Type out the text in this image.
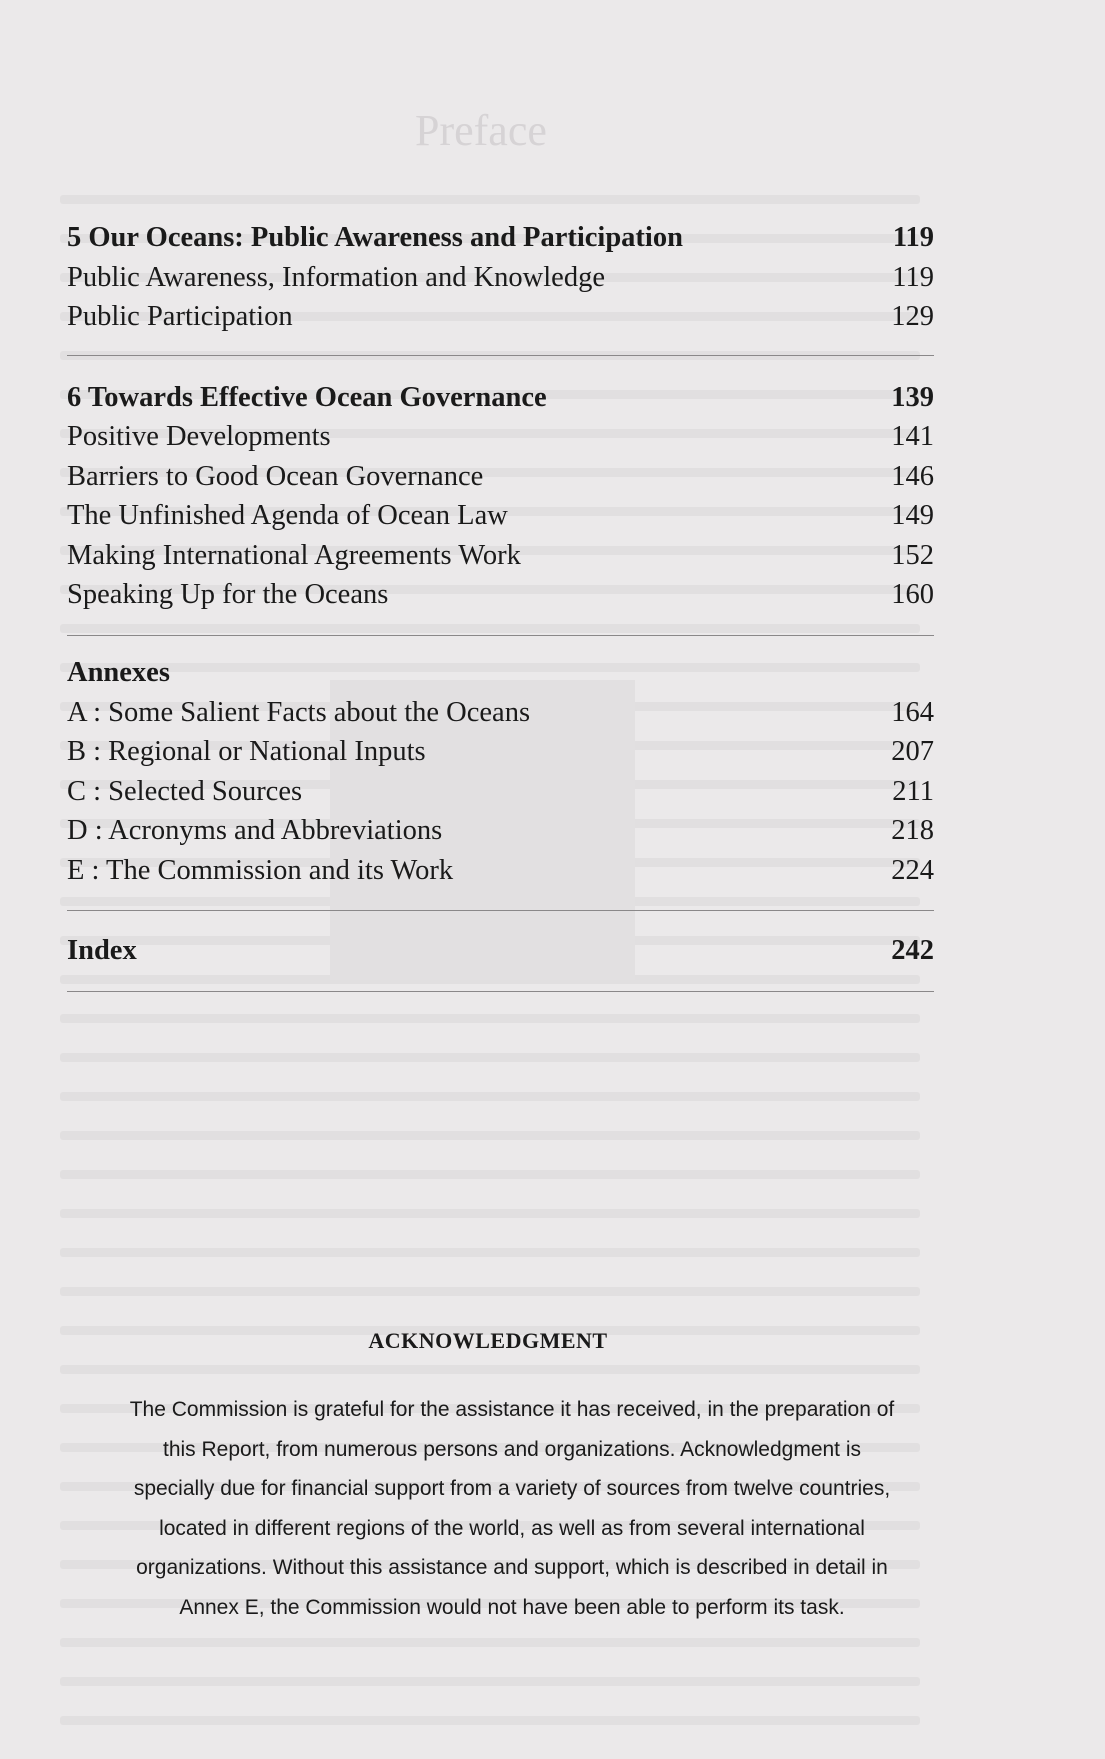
Preface
5 Our Oceans: Public Awareness and Participation	119
Public Awareness, Information and Knowledge	119
Public Participation	129
6 Towards Effective Ocean Governance	139
Positive Developments	141
Barriers to Good Ocean Governance	146
The Unfinished Agenda of Ocean Law	149
Making International Agreements Work	152
Speaking Up for the Oceans	160
Annexes
A : Some Salient Facts about the Oceans	164
B : Regional or National Inputs	207
C : Selected Sources	211
D : Acronyms and Abbreviations	218
E : The Commission and its Work	224
Index	242
ACKNOWLEDGMENT
The Commission is grateful for the assistance it has received, in the preparation of
this Report, from numerous persons and organizations. Acknowledgment is
specially due for financial support from a variety of sources from twelve countries,
located in different regions of the world, as well as from several international
organizations. Without this assistance and support, which is described in detail in
Annex E, the Commission would not have been able to perform its task.
